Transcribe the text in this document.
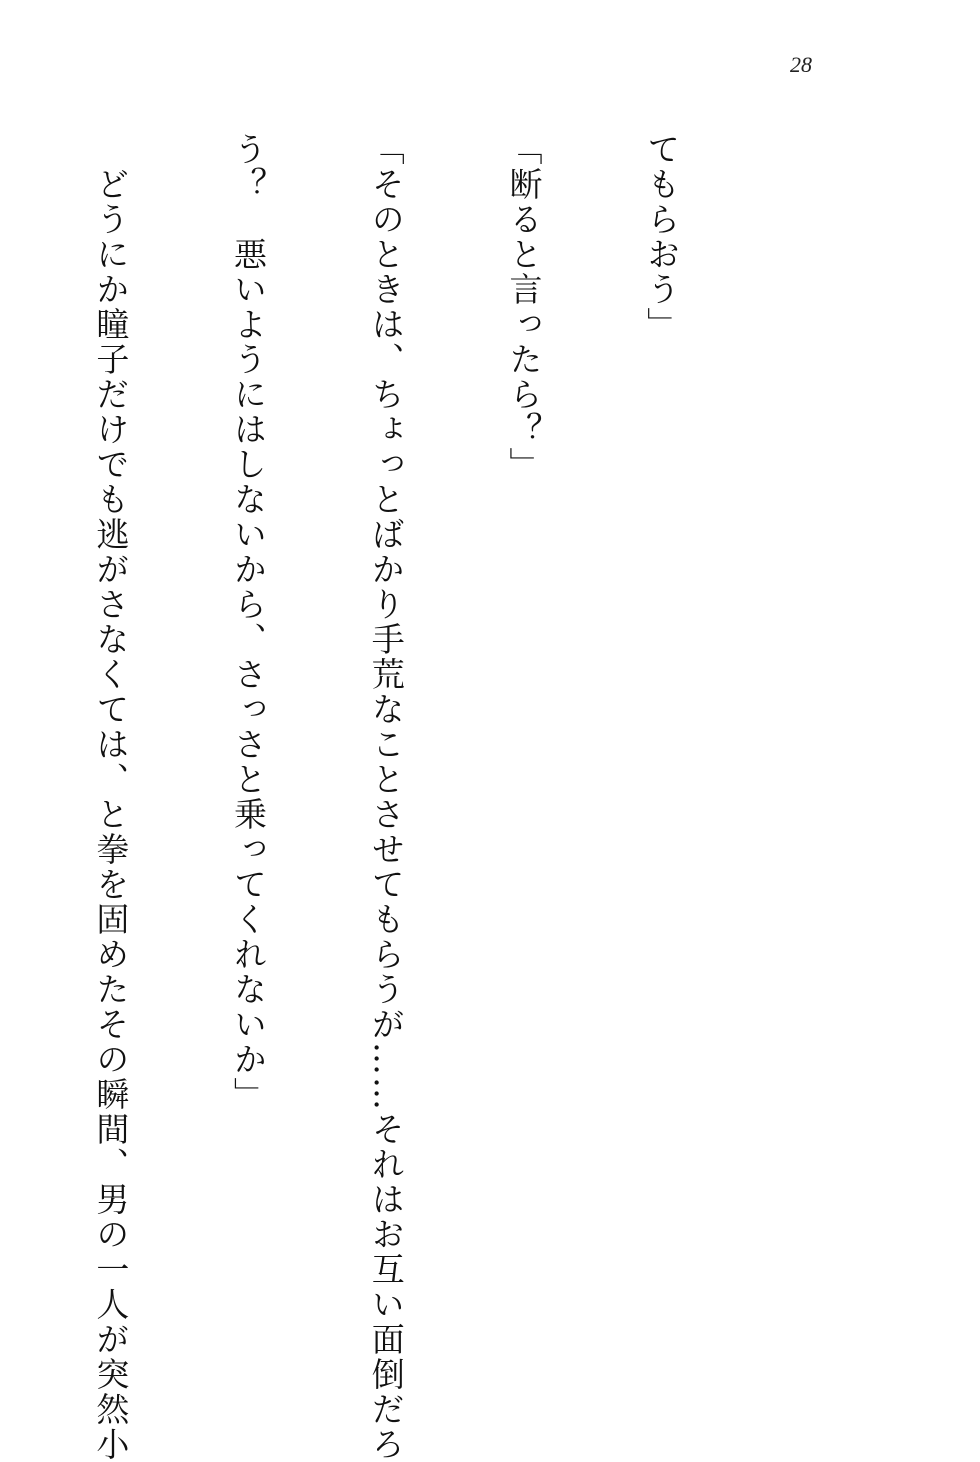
28

てもらおう」

「断ると言ったら？」

「そのときは、ちょっとばかり手荒なことさせてもらうが……それはお互い面倒だろ

う？　悪いようにはしないから、さっさと乗ってくれないか」

　どうにか瞳子だけでも逃がさなくては、と拳を固めたその瞬間、男の一人が突然小
